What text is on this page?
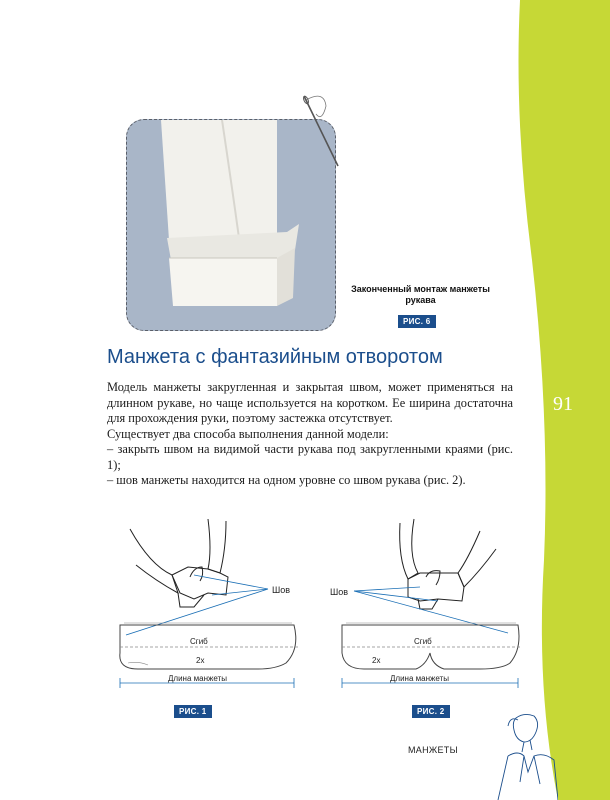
Законченный монтаж манжеты рукава
РИС. 6
Манжета с фантазийным отворотом

Модель манжеты закругленная и закрытая швом, может применяться на длинном рукаве, но чаще используется на коротком. Ее ширина достаточна для прохождения руки, поэтому застежка отсутствует.

Существует два способа выполнения данной модели:

– закрыть швом на видимой части рукава под закругленными краями (рис. 1);

– шов манжеты находится на одном уровне со швом рукава (рис. 2).

91
Шов
Сгиб
2x
Длина манжеты
Шов
Сгиб
2x
Длина манжеты
РИС. 1	РИС. 2
МАНЖЕТЫ
